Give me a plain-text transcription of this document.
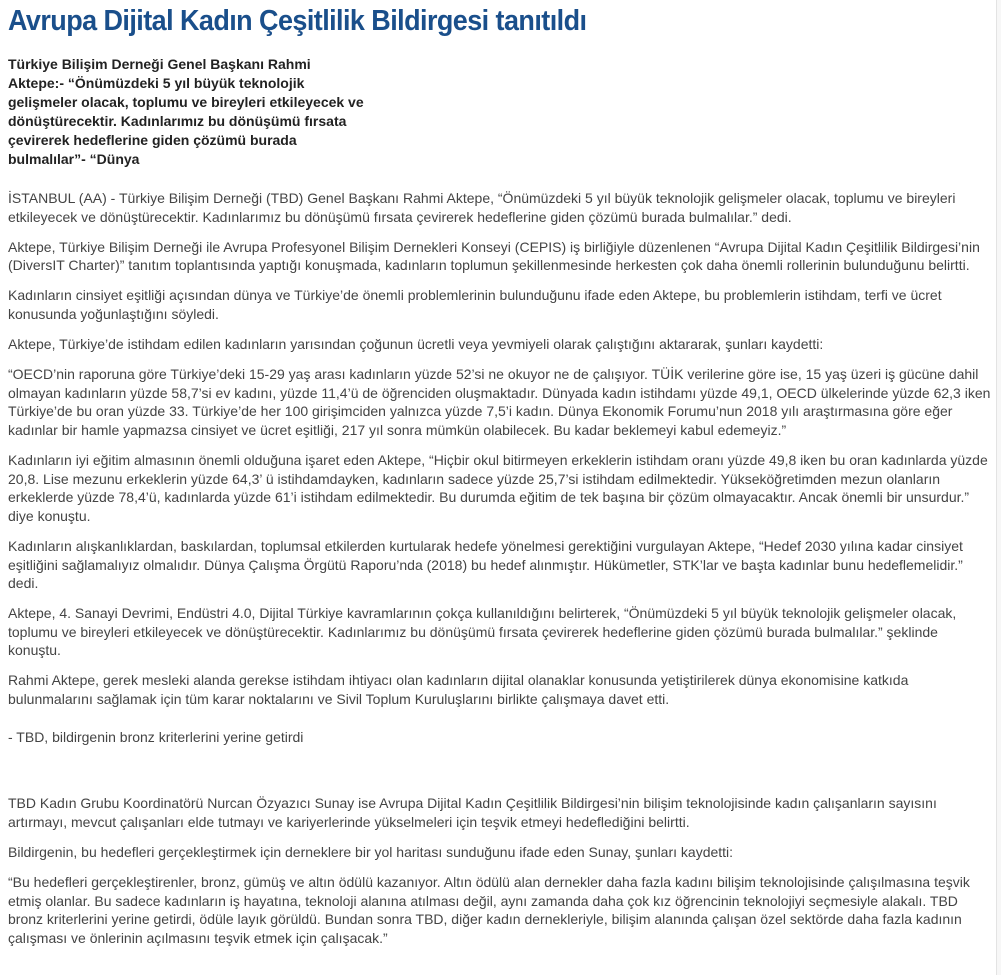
Avrupa Dijital Kadın Çeşitlilik Bildirgesi tanıtıldı

Türkiye Bilişim Derneği Genel Başkanı Rahmi Aktepe:- “Önümüzdeki 5 yıl büyük teknolojik gelişmeler olacak, toplumu ve bireyleri etkileyecek ve dönüştürecektir. Kadınlarımız bu dönüşümü fırsata çevirerek hedeflerine giden çözümü burada bulmalılar”- “Dünya

İSTANBUL (AA) - Türkiye Bilişim Derneği (TBD) Genel Başkanı Rahmi Aktepe, “Önümüzdeki 5 yıl büyük teknolojik gelişmeler olacak, toplumu ve bireyleri etkileyecek ve dönüştürecektir. Kadınlarımız bu dönüşümü fırsata çevirerek hedeflerine giden çözümü burada bulmalılar.” dedi.

Aktepe, Türkiye Bilişim Derneği ile Avrupa Profesyonel Bilişim Dernekleri Konseyi (CEPIS) iş birliğiyle düzenlenen “Avrupa Dijital Kadın Çeşitlilik Bildirgesi’nin (DiversIT Charter)” tanıtım toplantısında yaptığı konuşmada, kadınların toplumun şekillenmesinde herkesten çok daha önemli rollerinin bulunduğunu belirtti.

Kadınların cinsiyet eşitliği açısından dünya ve Türkiye’de önemli problemlerinin bulunduğunu ifade eden Aktepe, bu problemlerin istihdam, terfi ve ücret konusunda yoğunlaştığını söyledi.

Aktepe, Türkiye’de istihdam edilen kadınların yarısından çoğunun ücretli veya yevmiyeli olarak çalıştığını aktararak, şunları kaydetti:

“OECD’nin raporuna göre Türkiye’deki 15-29 yaş arası kadınların yüzde 52’si ne okuyor ne de çalışıyor. TÜİK verilerine göre ise, 15 yaş üzeri iş gücüne dahil olmayan kadınların yüzde 58,7’si ev kadını, yüzde 11,4’ü de öğrenciden oluşmaktadır. Dünyada kadın istihdamı yüzde 49,1, OECD ülkelerinde yüzde 62,3 iken Türkiye’de bu oran yüzde 33. Türkiye’de her 100 girişimciden yalnızca yüzde 7,5’i kadın. Dünya Ekonomik Forumu’nun 2018 yılı araştırmasına göre eğer kadınlar bir hamle yapmazsa cinsiyet ve ücret eşitliği, 217 yıl sonra mümkün olabilecek. Bu kadar beklemeyi kabul edemeyiz.”

Kadınların iyi eğitim almasının önemli olduğuna işaret eden Aktepe, “Hiçbir okul bitirmeyen erkeklerin istihdam oranı yüzde 49,8 iken bu oran kadınlarda yüzde 20,8. Lise mezunu erkeklerin yüzde 64,3’ ü istihdamdayken, kadınların sadece yüzde 25,7’si istihdam edilmektedir. Yükseköğretimden mezun olanların erkeklerde yüzde 78,4’ü, kadınlarda yüzde 61’i istihdam edilmektedir. Bu durumda eğitim de tek başına bir çözüm olmayacaktır. Ancak önemli bir unsurdur.” diye konuştu.

Kadınların alışkanlıklardan, baskılardan, toplumsal etkilerden kurtularak hedefe yönelmesi gerektiğini vurgulayan Aktepe, “Hedef 2030 yılına kadar cinsiyet eşitliğini sağlamalıyız olmalıdır. Dünya Çalışma Örgütü Raporu’nda (2018) bu hedef alınmıştır. Hükümetler, STK’lar ve başta kadınlar bunu hedeflemelidir.” dedi.

Aktepe, 4. Sanayi Devrimi, Endüstri 4.0, Dijital Türkiye kavramlarının çokça kullanıldığını belirterek, “Önümüzdeki 5 yıl büyük teknolojik gelişmeler olacak, toplumu ve bireyleri etkileyecek ve dönüştürecektir. Kadınlarımız bu dönüşümü fırsata çevirerek hedeflerine giden çözümü burada bulmalılar.” şeklinde konuştu.

Rahmi Aktepe, gerek mesleki alanda gerekse istihdam ihtiyacı olan kadınların dijital olanaklar konusunda yetiştirilerek dünya ekonomisine katkıda bulunmalarını sağlamak için tüm karar noktalarını ve Sivil Toplum Kuruluşlarını birlikte çalışmaya davet etti.

- TBD, bildirgenin bronz kriterlerini yerine getirdi

TBD Kadın Grubu Koordinatörü Nurcan Özyazıcı Sunay ise Avrupa Dijital Kadın Çeşitlilik Bildirgesi’nin bilişim teknolojisinde kadın çalışanların sayısını artırmayı, mevcut çalışanları elde tutmayı ve kariyerlerinde yükselmeleri için teşvik etmeyi hedeflediğini belirtti.

Bildirgenin, bu hedefleri gerçekleştirmek için derneklere bir yol haritası sunduğunu ifade eden Sunay, şunları kaydetti:

“Bu hedefleri gerçekleştirenler, bronz, gümüş ve altın ödülü kazanıyor. Altın ödülü alan dernekler daha fazla kadını bilişim teknolojisinde çalışılmasına teşvik etmiş olanlar. Bu sadece kadınların iş hayatına, teknoloji alanına atılması değil, aynı zamanda daha çok kız öğrencinin teknolojiyi seçmesiyle alakalı. TBD bronz kriterlerini yerine getirdi, ödüle layık görüldü. Bundan sonra TBD, diğer kadın dernekleriyle, bilişim alanında çalışan özel sektörde daha fazla kadının çalışması ve önlerinin açılmasını teşvik etmek için çalışacak.”
